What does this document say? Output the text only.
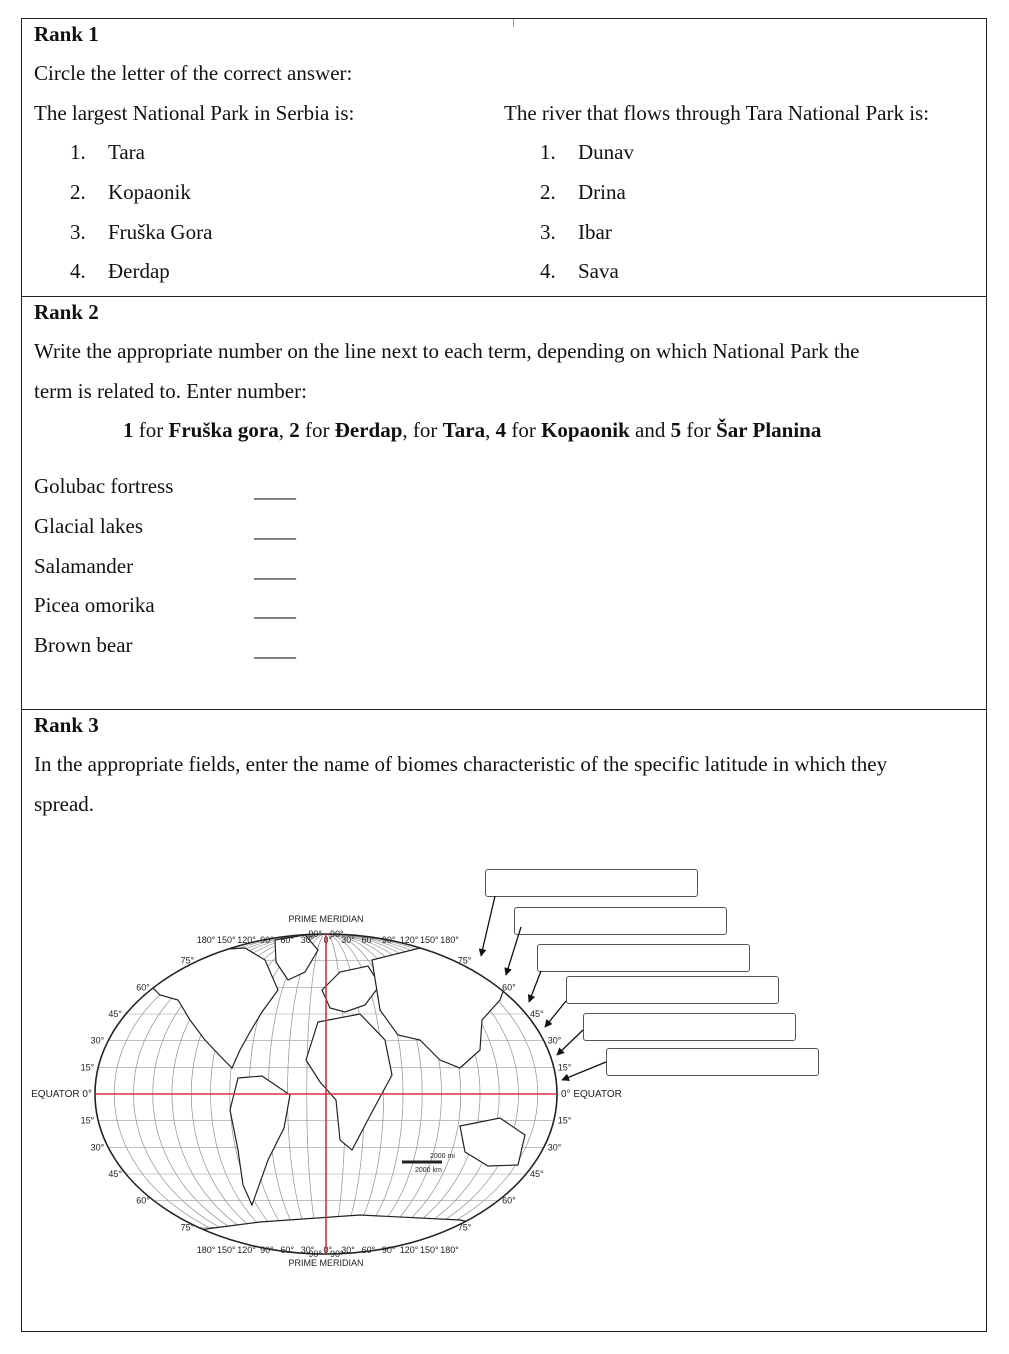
Rank 1
Circle the letter of the correct answer:
The largest National Park in Serbia is:	The river that flows through Tara National Park is:
1. Tara
2. Kopaonik
3. Fruška Gora
4. Đerdap
1. Dunav
2. Drina
3. Ibar
4. Sava
Rank 2
Write the appropriate number on the line next to each term, depending on which National Park the
term is related to. Enter number:
1 for Fruška gora, 2 for Đerdap, for Tara, 4 for Kopaonik and 5 for Šar Planina
Golubac fortress	____
Glacial lakes	____
Salamander	____
Picea omorika	____
Brown bear	____
Rank 3
In the appropriate fields, enter the name of biomes characteristic of the specific latitude in which they
spread.
180°
180°
150°
150°
120°
120°
90°
90°
60°
60°
30°
30°
0°
0°
30°
30°
60°
60°
90°
90°
120°
120°
150°
150°
180°
180°
90° 90°
75°	75°
60°	60°
45°	45°
30°	30°
15°	15°
15°	15°
30°	30°
45°	45°
60°	60°
75°	75°
90° 90°
PRIME MERIDIAN
PRIME MERIDIAN
EQUATOR 0°	0° EQUATOR
2000 mi
2000 km
